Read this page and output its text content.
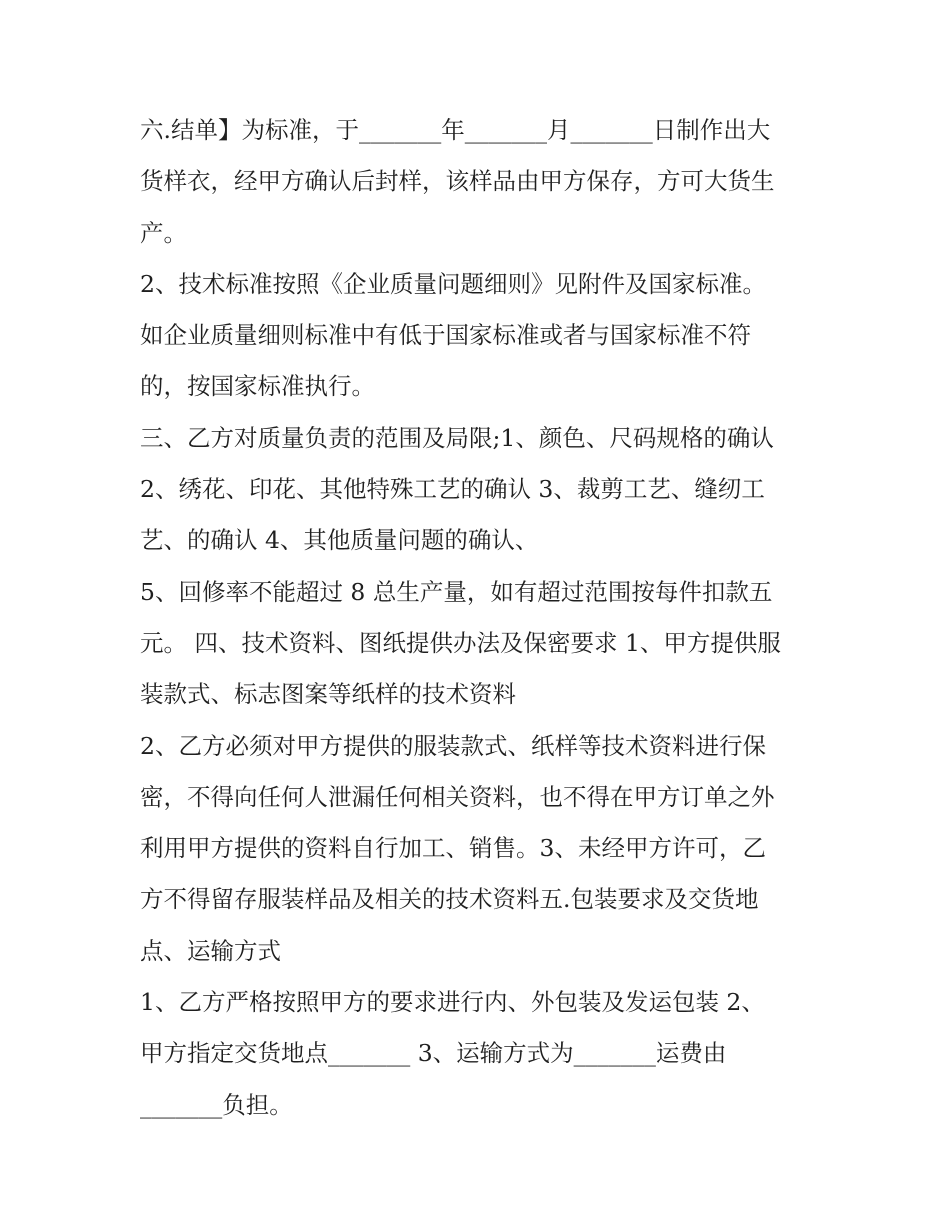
六.结单】为标准，于_______年_______月_______日制作出大
货样衣，经甲方确认后封样，该样品由甲方保存，方可大货生
产。
2、技术标准按照《企业质量问题细则》见附件及国家标准。
如企业质量细则标准中有低于国家标准或者与国家标准不符
的，按国家标准执行。
三、乙方对质量负责的范围及局限;1、颜色、尺码规格的确认
2、绣花、印花、其他特殊工艺的确认 3、裁剪工艺、缝纫工
艺、的确认 4、其他质量问题的确认、
5、回修率不能超过 8 总生产量，如有超过范围按每件扣款五
元。 四、技术资料、图纸提供办法及保密要求 1、甲方提供服
装款式、标志图案等纸样的技术资料
2、乙方必须对甲方提供的服装款式、纸样等技术资料进行保
密，不得向任何人泄漏任何相关资料，也不得在甲方订单之外
利用甲方提供的资料自行加工、销售。3、未经甲方许可，乙
方不得留存服装样品及相关的技术资料五.包装要求及交货地
点、运输方式
1、乙方严格按照甲方的要求进行内、外包装及发运包装 2、
甲方指定交货地点_______ 3、运输方式为_______运费由
_______负担。
